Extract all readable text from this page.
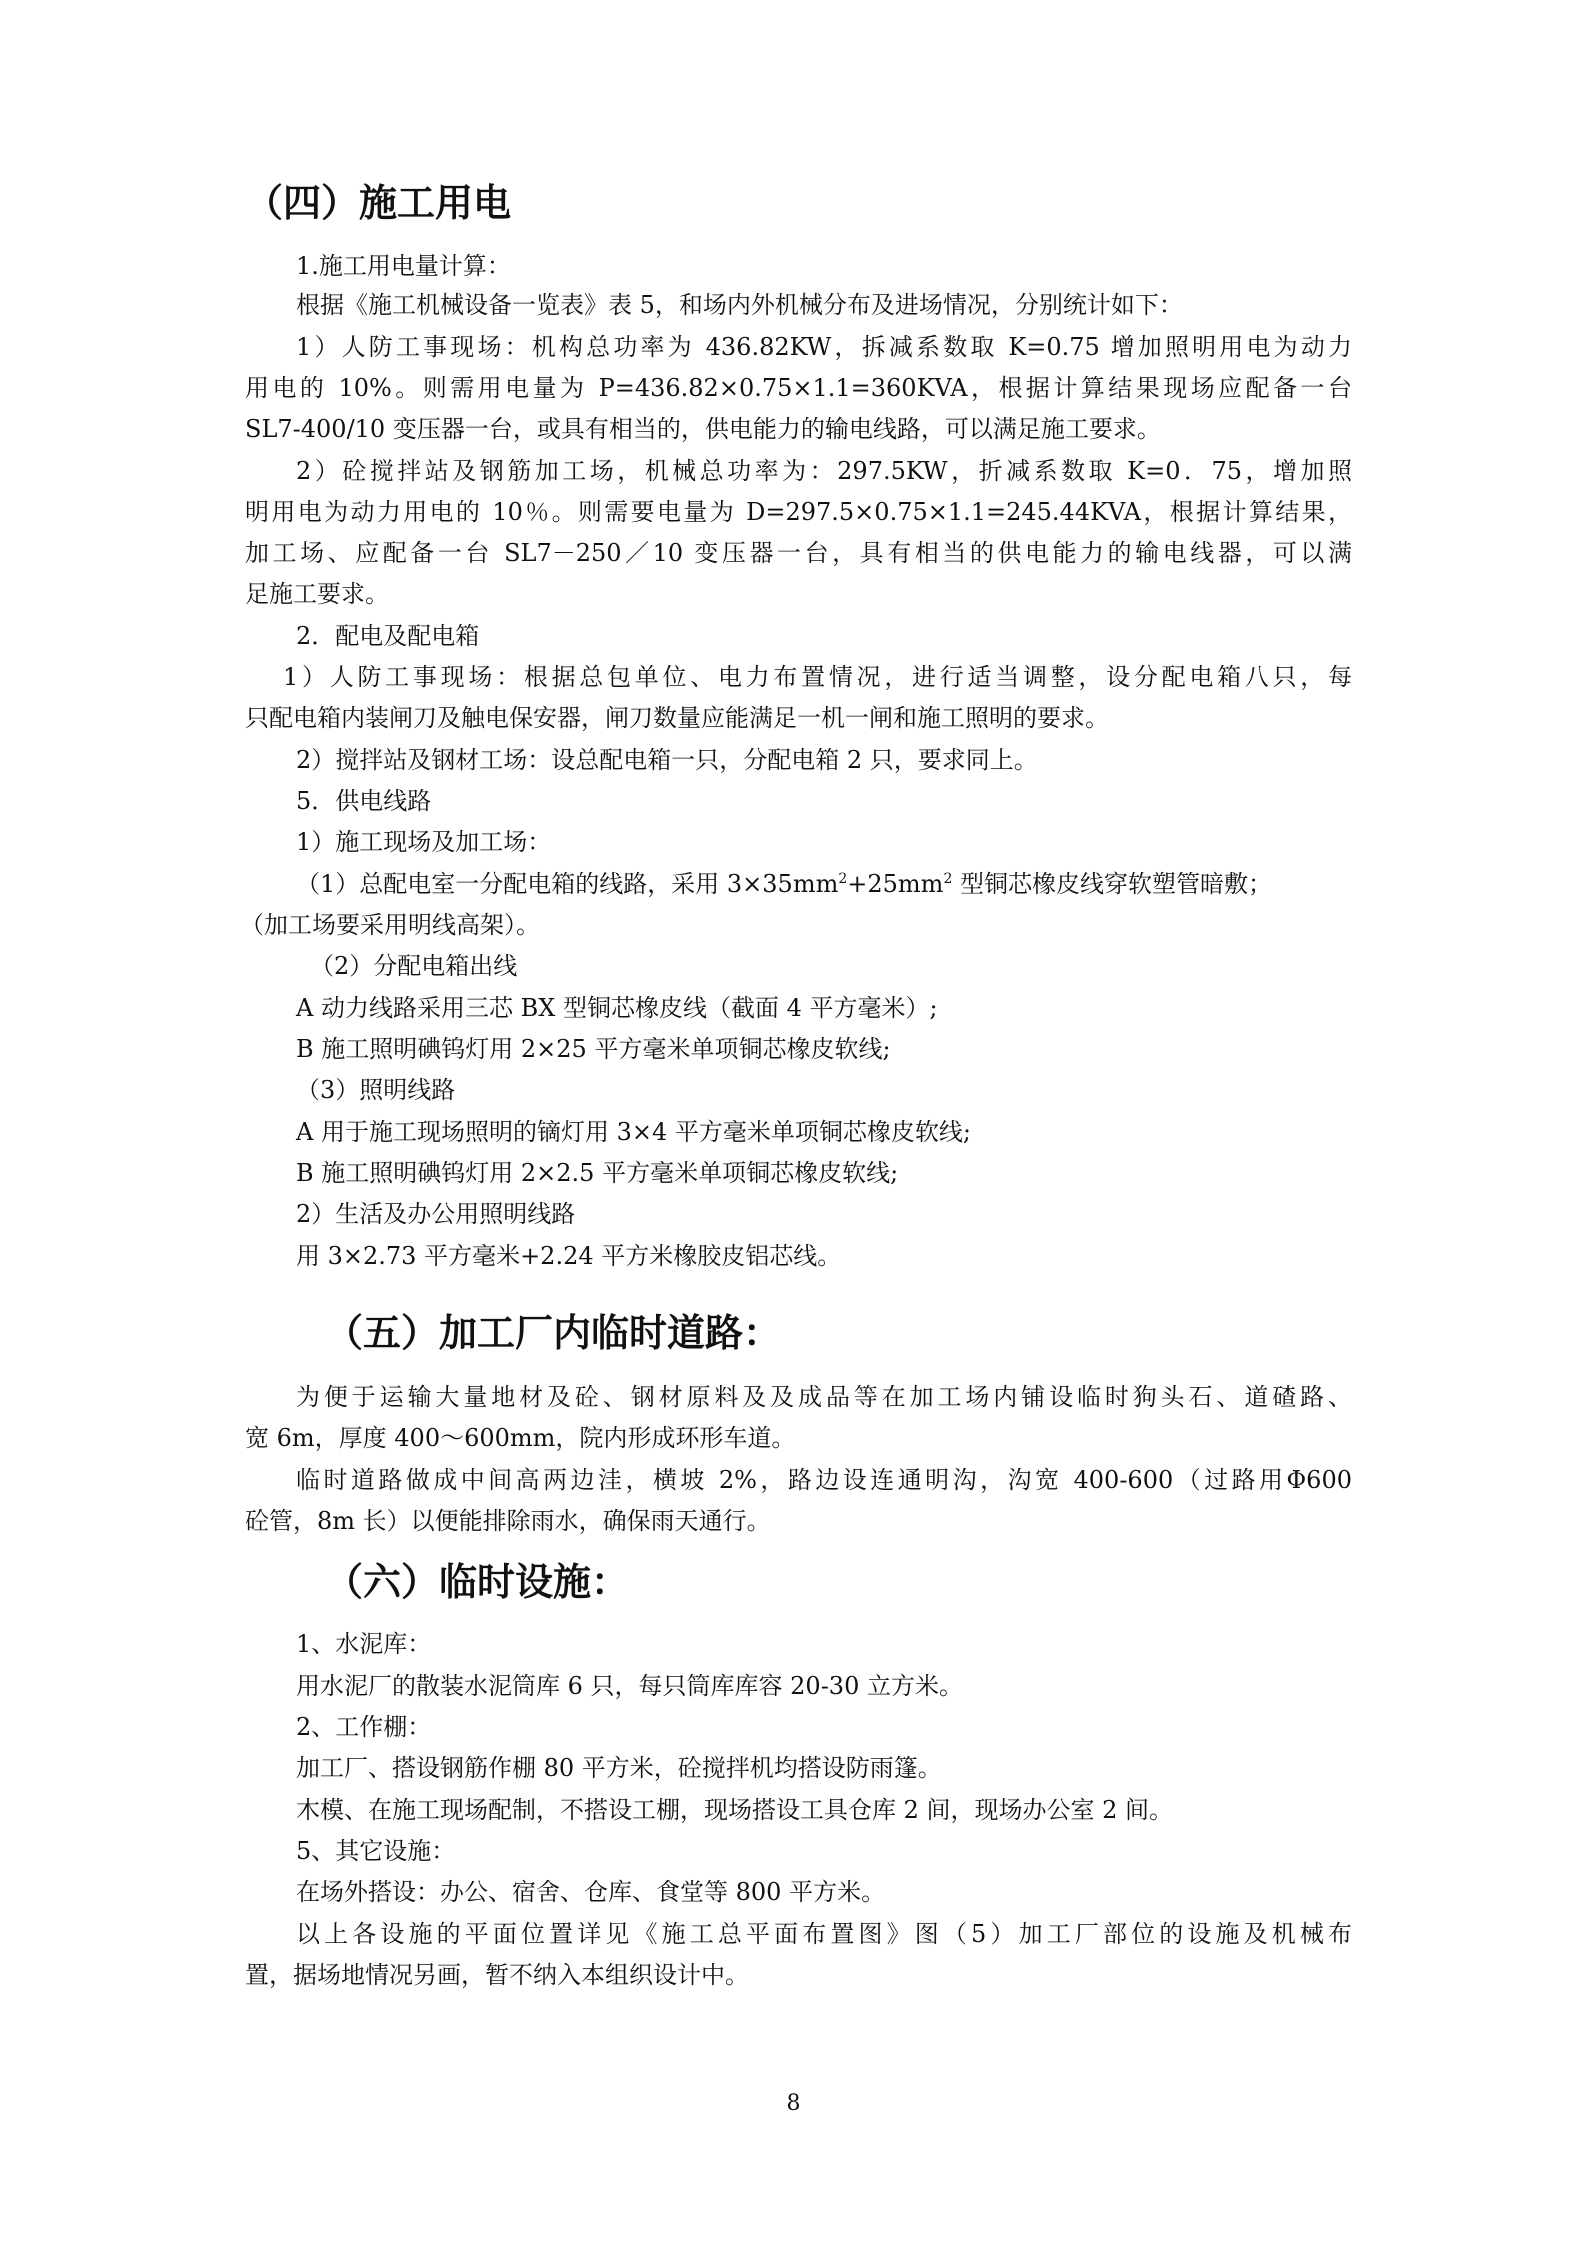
（四）施工用电
1.施工用电量计算：
根据《施工机械设备一览表》表 5，和场内外机械分布及进场情况，分别统计如下：
1）人防工事现场：机构总功率为 436.82KW，拆减系数取 K=0.75 增加照明用电为动力
用电的 10%。则需用电量为 P=436.82×0.75×1.1=360KVA，根据计算结果现场应配备一台
SL7-400/10 变压器一台，或具有相当的，供电能力的输电线路，可以满足施工要求。
2）砼搅拌站及钢筋加工场，机械总功率为：297.5KW，折减系数取 K=0．75，增加照
明用电为动力用电的 10％。则需要电量为 D=297.5×0.75×1.1=245.44KVA，根据计算结果，
加工场、应配备一台 SL7－250／10 变压器一台，具有相当的供电能力的输电线器，可以满
足施工要求。
2．配电及配电箱
1）人防工事现场：根据总包单位、电力布置情况，进行适当调整，设分配电箱八只，每
只配电箱内装闸刀及触电保安器，闸刀数量应能满足一机一闸和施工照明的要求。
2）搅拌站及钢材工场：设总配电箱一只，分配电箱 2 只，要求同上。
5．供电线路
1）施工现场及加工场：
（1）总配电室一分配电箱的线路，采用 $3\times 35mm^2+25mm^2$ 型铜芯橡皮线穿软塑管暗敷；
（加工场要采用明线高架）。
（2）分配电箱出线
A 动力线路采用三芯 BX 型铜芯橡皮线（截面 4 平方毫米）;
B 施工照明碘钨灯用 2×25 平方毫米单项铜芯橡皮软线;
（3）照明线路
A 用于施工现场照明的镝灯用 3×4 平方毫米单项铜芯橡皮软线;
B 施工照明碘钨灯用 2×2.5 平方毫米单项铜芯橡皮软线;
2）生活及办公用照明线路
用 3×2.73 平方毫米+2.24 平方米橡胶皮铝芯线。
（五）加工厂内临时道路：
为便于运输大量地材及砼、钢材原料及及成品等在加工场内铺设临时狗头石、道碴路、
宽 6m，厚度 400～600mm，院内形成环形车道。
临时道路做成中间高两边洼，横坡 2%，路边设连通明沟，沟宽 400-600（过路用Φ600
砼管，8m 长）以便能排除雨水，确保雨天通行。
（六）临时设施：
1、水泥库：
用水泥厂的散装水泥筒库 6 只，每只筒库库容 20-30 立方米。
2、工作棚：
加工厂、搭设钢筋作棚 80 平方米，砼搅拌机均搭设防雨篷。
木模、在施工现场配制，不搭设工棚，现场搭设工具仓库 2 间，现场办公室 2 间。
5、其它设施：
在场外搭设：办公、宿舍、仓库、食堂等 800 平方米。
以上各设施的平面位置详见《施工总平面布置图》图（5）加工厂部位的设施及机械布
置，据场地情况另画，暂不纳入本组织设计中。
8
